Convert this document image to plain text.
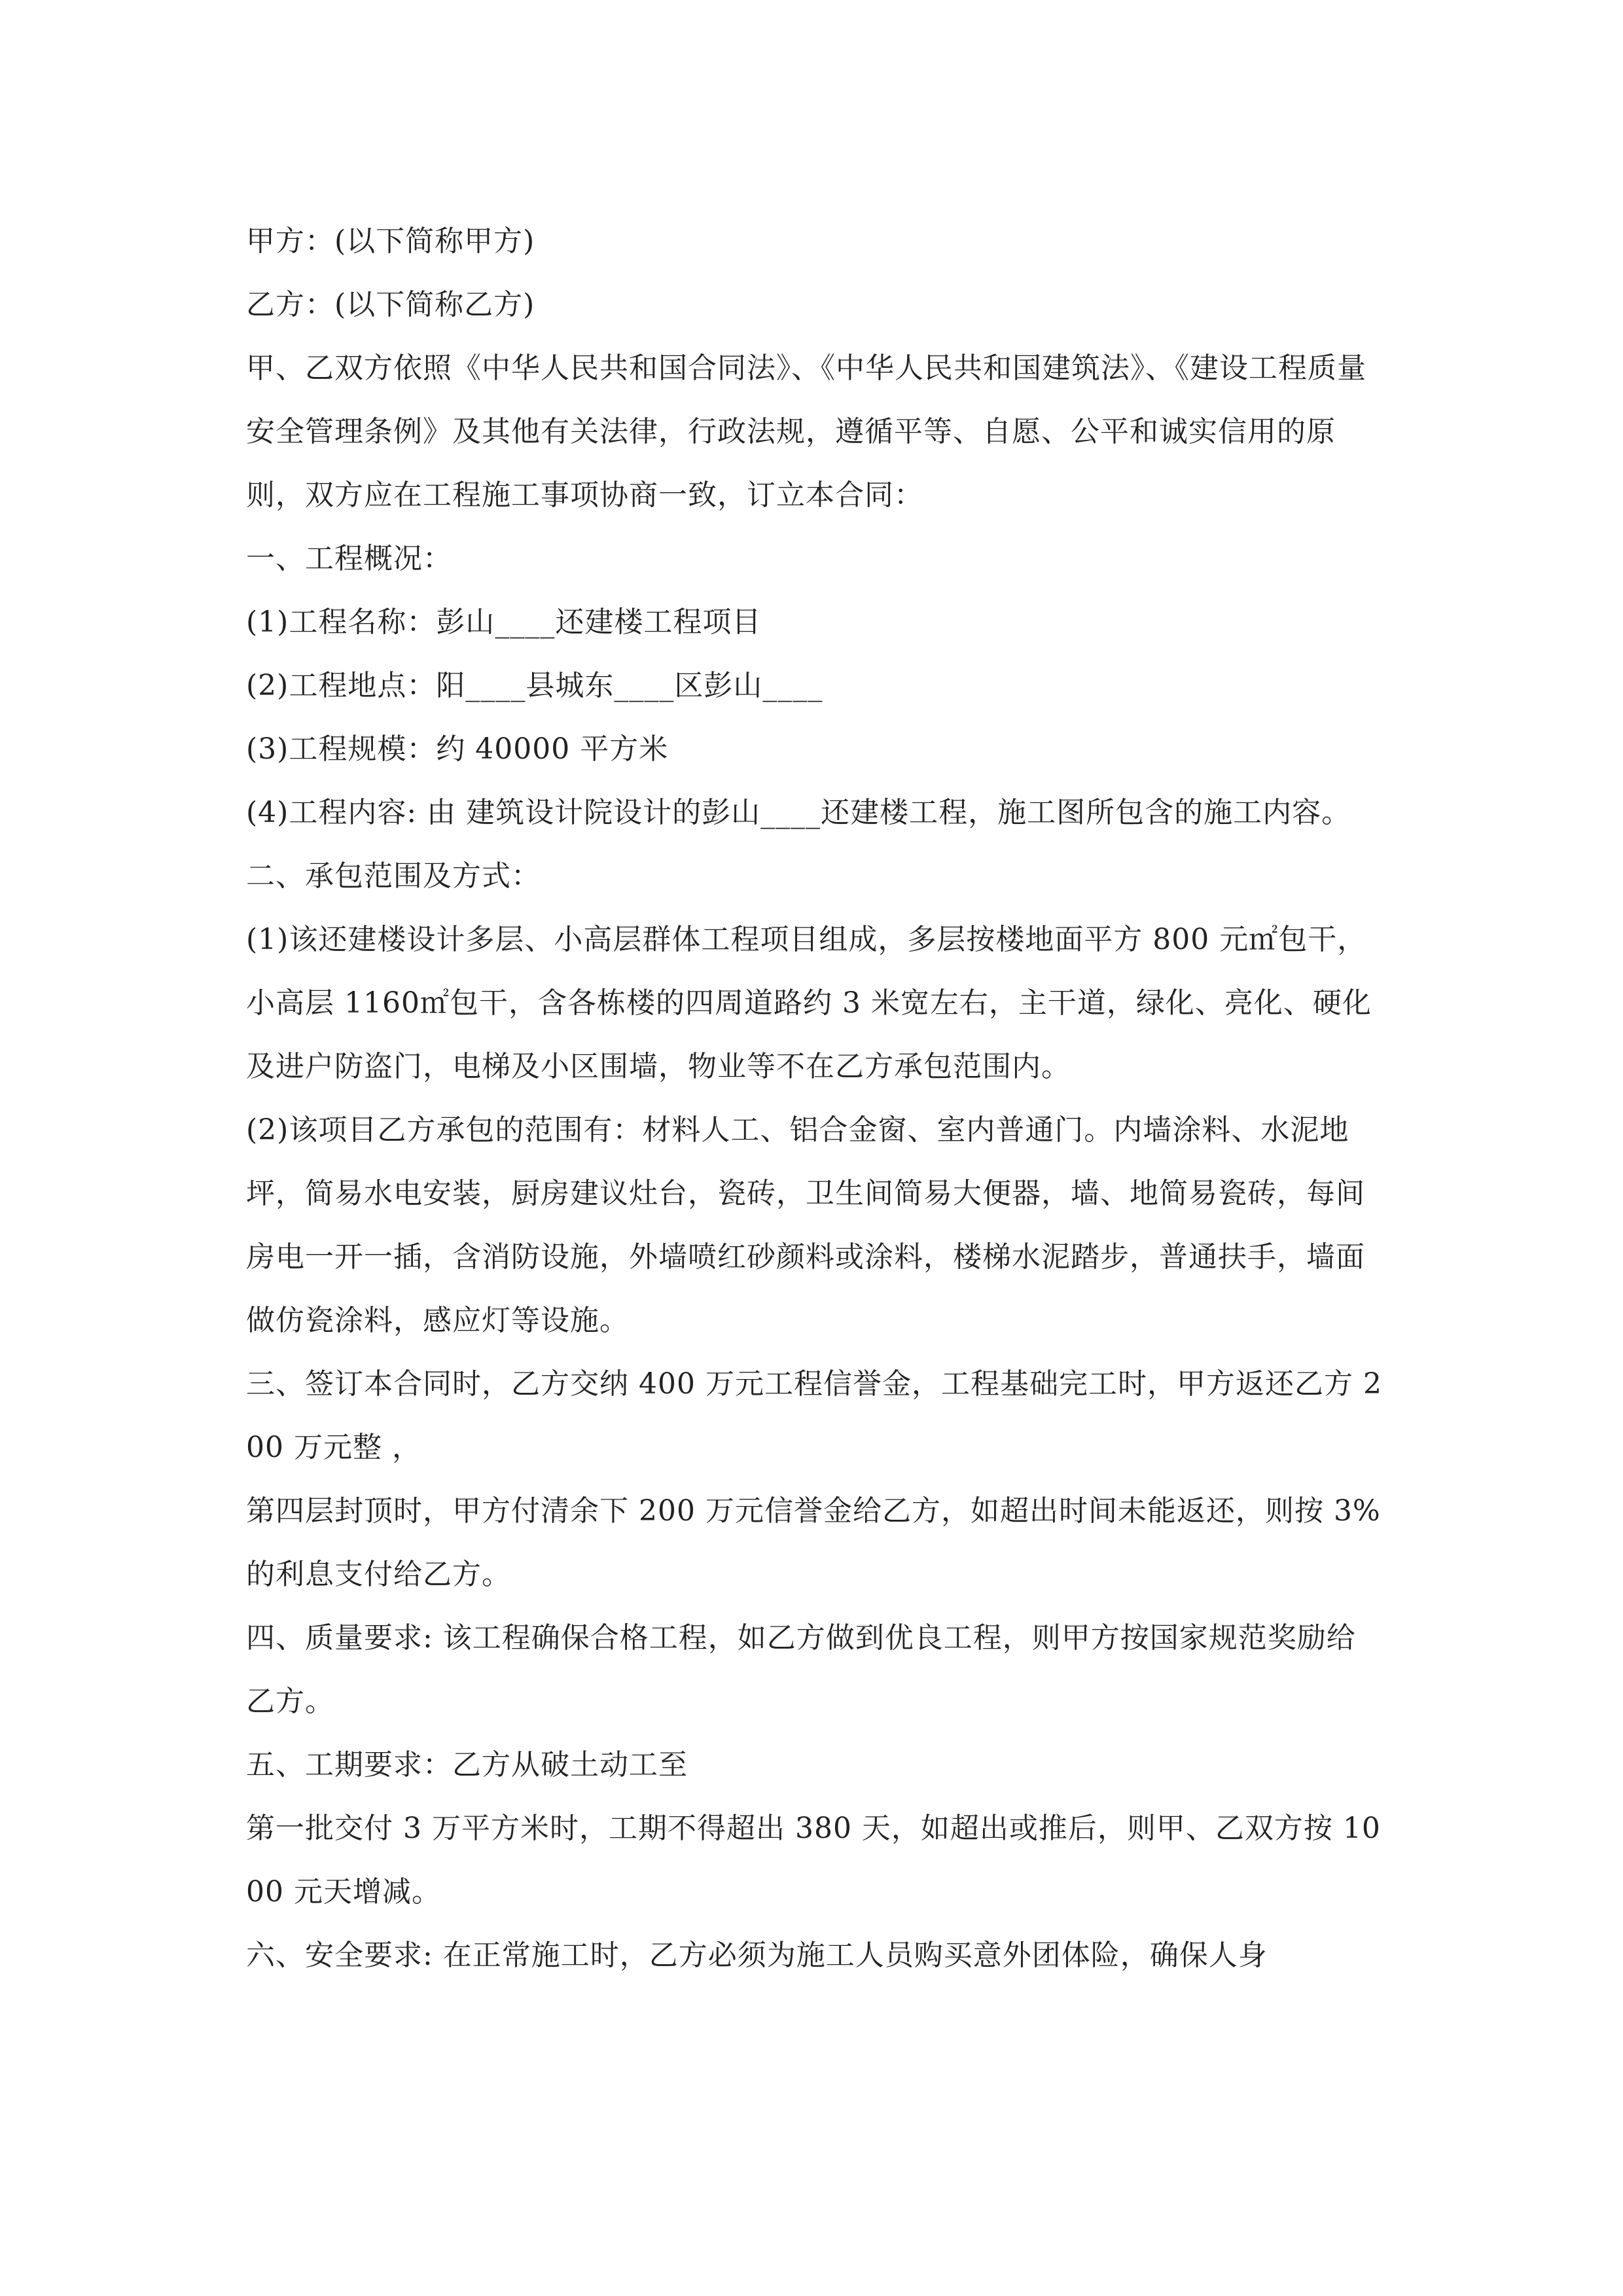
甲方：(以下简称甲方)

乙方：(以下简称乙方)

甲、乙双方依照《中华人民共和国合同法》、《中华人民共和国建筑法》、《建设工程质量安全管理条例》及其他有关法律，行政法规，遵循平等、自愿、公平和诚实信用的原则，双方应在工程施工事项协商一致，订立本合同：

一、工程概况：

(1)工程名称：彭山____还建楼工程项目

(2)工程地点：阳____县城东____区彭山____

(3)工程规模：约 40000 平方米

(4)工程内容: 由 建筑设计院设计的彭山____还建楼工程，施工图所包含的施工内容。

二、承包范围及方式：

(1)该还建楼设计多层、小高层群体工程项目组成，多层按楼地面平方 800 元㎡包干，小高层 1160㎡包干，含各栋楼的四周道路约 3 米宽左右，主干道，绿化、亮化、硬化及进户防盗门，电梯及小区围墙，物业等不在乙方承包范围内。

(2)该项目乙方承包的范围有：材料人工、铝合金窗、室内普通门。内墙涂料、水泥地坪，简易水电安装，厨房建议灶台，瓷砖，卫生间简易大便器，墙、地简易瓷砖，每间房电一开一插，含消防设施，外墙喷红砂颜料或涂料，楼梯水泥踏步，普通扶手，墙面做仿瓷涂料，感应灯等设施。

三、签订本合同时，乙方交纳 400 万元工程信誉金，工程基础完工时，甲方返还乙方 200 万元整 ，

第四层封顶时，甲方付清余下 200 万元信誉金给乙方，如超出时间未能返还，则按 3%的利息支付给乙方。

四、质量要求: 该工程确保合格工程，如乙方做到优良工程，则甲方按国家规范奖励给乙方。

五、工期要求：乙方从破土动工至

第一批交付 3 万平方米时，工期不得超出 380 天，如超出或推后，则甲、乙双方按 1000 元天增减。

六、安全要求: 在正常施工时，乙方必须为施工人员购买意外团体险，确保人身
